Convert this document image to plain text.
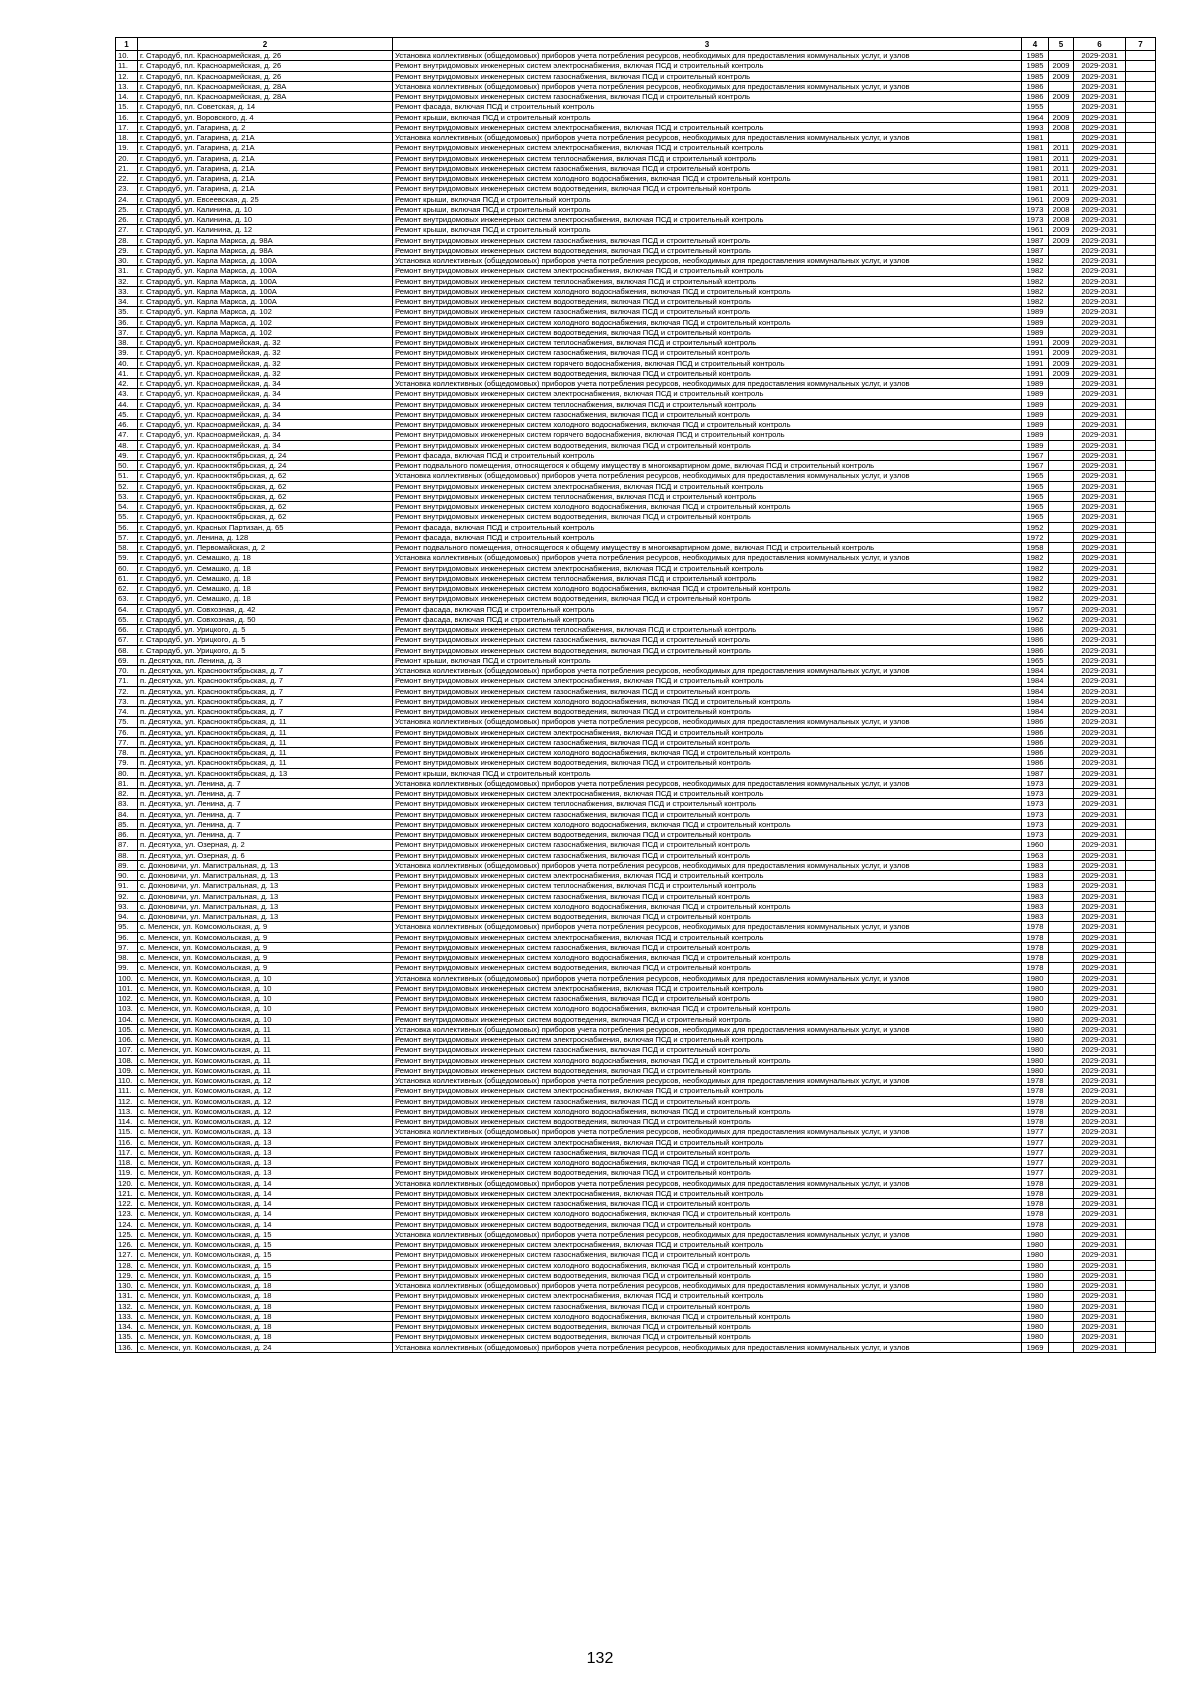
1	2	3	4	5	6	7
10.	г. Стародуб, пл. Красноармейская, д. 26	Установка коллективных (общедомовых) приборов учета потребления ресурсов, необходимых для предоставления коммунальных услуг, и узлов	1985		2029-2031	
11.	г. Стародуб, пл. Красноармейская, д. 26	Ремонт внутридомовых инженерных систем электроснабжения, включая ПСД и строительный контроль	1985	2009	2029-2031	
12.	г. Стародуб, пл. Красноармейская, д. 26	Ремонт внутридомовых инженерных систем газоснабжения, включая ПСД и строительный контроль	1985	2009	2029-2031	
13.	г. Стародуб, пл. Красноармейская, д. 28А	Установка коллективных (общедомовых) приборов учета потребления ресурсов, необходимых для предоставления коммунальных услуг, и узлов	1986		2029-2031	
14.	г. Стародуб, пл. Красноармейская, д. 28А	Ремонт внутридомовых инженерных систем газоснабжения, включая ПСД и строительный контроль	1986	2009	2029-2031	
15.	г. Стародуб, пл. Советская, д. 14	Ремонт фасада, включая ПСД и строительный контроль	1955		2029-2031	
16.	г. Стародуб, ул. Воровского, д. 4	Ремонт крыши, включая ПСД и строительный контроль	1964	2009	2029-2031	
17.	г. Стародуб, ул. Гагарина, д. 2	Ремонт внутридомовых инженерных систем электроснабжения, включая ПСД и строительный контроль	1993	2008	2029-2031	
18.	г. Стародуб, ул. Гагарина, д. 21А	Установка коллективных (общедомовых) приборов учета потребления ресурсов, необходимых для предоставления коммунальных услуг, и узлов	1981		2029-2031	
19.	г. Стародуб, ул. Гагарина, д. 21А	Ремонт внутридомовых инженерных систем электроснабжения, включая ПСД и строительный контроль	1981	2011	2029-2031	
20.	г. Стародуб, ул. Гагарина, д. 21А	Ремонт внутридомовых инженерных систем теплоснабжения, включая ПСД и строительный контроль	1981	2011	2029-2031	
21.	г. Стародуб, ул. Гагарина, д. 21А	Ремонт внутридомовых инженерных систем газоснабжения, включая ПСД и строительный контроль	1981	2011	2029-2031	
22.	г. Стародуб, ул. Гагарина, д. 21А	Ремонт внутридомовых инженерных систем холодного водоснабжения, включая ПСД и строительный контроль	1981	2011	2029-2031	
23.	г. Стародуб, ул. Гагарина, д. 21А	Ремонт внутридомовых инженерных систем водоотведения, включая ПСД и строительный контроль	1981	2011	2029-2031	
24.	г. Стародуб, ул. Евсеевская, д. 25	Ремонт крыши, включая ПСД и строительный контроль	1961	2009	2029-2031	
25.	г. Стародуб, ул. Калинина, д. 10	Ремонт крыши, включая ПСД и строительный контроль	1973	2008	2029-2031	
26.	г. Стародуб, ул. Калинина, д. 10	Ремонт внутридомовых инженерных систем электроснабжения, включая ПСД и строительный контроль	1973	2008	2029-2031	
27.	г. Стародуб, ул. Калинина, д. 12	Ремонт крыши, включая ПСД и строительный контроль	1961	2009	2029-2031	
28.	г. Стародуб, ул. Карла Маркса, д. 98А	Ремонт внутридомовых инженерных систем газоснабжения, включая ПСД и строительный контроль	1987	2009	2029-2031	
29.	г. Стародуб, ул. Карла Маркса, д. 98А	Ремонт внутридомовых инженерных систем водоотведения, включая ПСД и строительный контроль	1987		2029-2031	
30.	г. Стародуб, ул. Карла Маркса, д. 100А	Установка коллективных (общедомовых) приборов учета потребления ресурсов, необходимых для предоставления коммунальных услуг, и узлов	1982		2029-2031	
31.	г. Стародуб, ул. Карла Маркса, д. 100А	Ремонт внутридомовых инженерных систем электроснабжения, включая ПСД и строительный контроль	1982		2029-2031	
32.	г. Стародуб, ул. Карла Маркса, д. 100А	Ремонт внутридомовых инженерных систем теплоснабжения, включая ПСД и строительный контроль	1982		2029-2031	
33.	г. Стародуб, ул. Карла Маркса, д. 100А	Ремонт внутридомовых инженерных систем холодного водоснабжения, включая ПСД и строительный контроль	1982		2029-2031	
34.	г. Стародуб, ул. Карла Маркса, д. 100А	Ремонт внутридомовых инженерных систем водоотведения, включая ПСД и строительный контроль	1982		2029-2031	
35.	г. Стародуб, ул. Карла Маркса, д. 102	Ремонт внутридомовых инженерных систем газоснабжения, включая ПСД и строительный контроль	1989		2029-2031	
36.	г. Стародуб, ул. Карла Маркса, д. 102	Ремонт внутридомовых инженерных систем холодного водоснабжения, включая ПСД и строительный контроль	1989		2029-2031	
37.	г. Стародуб, ул. Карла Маркса, д. 102	Ремонт внутридомовых инженерных систем водоотведения, включая ПСД и строительный контроль	1989		2029-2031	
38.	г. Стародуб, ул. Красноармейская, д. 32	Ремонт внутридомовых инженерных систем теплоснабжения, включая ПСД и строительный контроль	1991	2009	2029-2031	
39.	г. Стародуб, ул. Красноармейская, д. 32	Ремонт внутридомовых инженерных систем газоснабжения, включая ПСД и строительный контроль	1991	2009	2029-2031	
40.	г. Стародуб, ул. Красноармейская, д. 32	Ремонт внутридомовых инженерных систем горячего водоснабжения, включая ПСД и строительный контроль	1991	2009	2029-2031	
41.	г. Стародуб, ул. Красноармейская, д. 32	Ремонт внутридомовых инженерных систем водоотведения, включая ПСД и строительный контроль	1991	2009	2029-2031	
42.	г. Стародуб, ул. Красноармейская, д. 34	Установка коллективных (общедомовых) приборов учета потребления ресурсов, необходимых для предоставления коммунальных услуг, и узлов	1989		2029-2031	
43.	г. Стародуб, ул. Красноармейская, д. 34	Ремонт внутридомовых инженерных систем электроснабжения, включая ПСД и строительный контроль	1989		2029-2031	
44.	г. Стародуб, ул. Красноармейская, д. 34	Ремонт внутридомовых инженерных систем теплоснабжения, включая ПСД и строительный контроль	1989		2029-2031	
45.	г. Стародуб, ул. Красноармейская, д. 34	Ремонт внутридомовых инженерных систем газоснабжения, включая ПСД и строительный контроль	1989		2029-2031	
46.	г. Стародуб, ул. Красноармейская, д. 34	Ремонт внутридомовых инженерных систем холодного водоснабжения, включая ПСД и строительный контроль	1989		2029-2031	
47.	г. Стародуб, ул. Красноармейская, д. 34	Ремонт внутридомовых инженерных систем горячего водоснабжения, включая ПСД и строительный контроль	1989		2029-2031	
48.	г. Стародуб, ул. Красноармейская, д. 34	Ремонт внутридомовых инженерных систем водоотведения, включая ПСД и строительный контроль	1989		2029-2031	
49.	г. Стародуб, ул. Краснооктябрьская, д. 24	Ремонт фасада, включая ПСД и строительный контроль	1967		2029-2031	
50.	г. Стародуб, ул. Краснооктябрьская, д. 24	Ремонт подвального помещения, относящегося к общему имуществу в многоквартирном доме, включая ПСД и строительный контроль	1967		2029-2031	
51.	г. Стародуб, ул. Краснооктябрьская, д. 62	Установка коллективных (общедомовых) приборов учета потребления ресурсов, необходимых для предоставления коммунальных услуг, и узлов	1965		2029-2031	
52.	г. Стародуб, ул. Краснооктябрьская, д. 62	Ремонт внутридомовых инженерных систем электроснабжения, включая ПСД и строительный контроль	1965		2029-2031	
53.	г. Стародуб, ул. Краснооктябрьская, д. 62	Ремонт внутридомовых инженерных систем теплоснабжения, включая ПСД и строительный контроль	1965		2029-2031	
54.	г. Стародуб, ул. Краснооктябрьская, д. 62	Ремонт внутридомовых инженерных систем холодного водоснабжения, включая ПСД и строительный контроль	1965		2029-2031	
55.	г. Стародуб, ул. Краснооктябрьская, д. 62	Ремонт внутридомовых инженерных систем водоотведения, включая ПСД и строительный контроль	1965		2029-2031	
56.	г. Стародуб, ул. Красных Партизан, д. 65	Ремонт фасада, включая ПСД и строительный контроль	1952		2029-2031	
57.	г. Стародуб, ул. Ленина, д. 128	Ремонт фасада, включая ПСД и строительный контроль	1972		2029-2031	
58.	г. Стародуб, ул. Первомайская, д. 2	Ремонт подвального помещения, относящегося к общему имуществу в многоквартирном доме, включая ПСД и строительный контроль	1958		2029-2031	
59.	г. Стародуб, ул. Семашко, д. 18	Установка коллективных (общедомовых) приборов учета потребления ресурсов, необходимых для предоставления коммунальных услуг, и узлов	1982		2029-2031	
60.	г. Стародуб, ул. Семашко, д. 18	Ремонт внутридомовых инженерных систем электроснабжения, включая ПСД и строительный контроль	1982		2029-2031	
61.	г. Стародуб, ул. Семашко, д. 18	Ремонт внутридомовых инженерных систем теплоснабжения, включая ПСД и строительный контроль	1982		2029-2031	
62.	г. Стародуб, ул. Семашко, д. 18	Ремонт внутридомовых инженерных систем холодного водоснабжения, включая ПСД и строительный контроль	1982		2029-2031	
63.	г. Стародуб, ул. Семашко, д. 18	Ремонт внутридомовых инженерных систем водоотведения, включая ПСД и строительный контроль	1982		2029-2031	
64.	г. Стародуб, ул. Совхозная, д. 42	Ремонт фасада, включая ПСД и строительный контроль	1957		2029-2031	
65.	г. Стародуб, ул. Совхозная, д. 50	Ремонт фасада, включая ПСД и строительный контроль	1962		2029-2031	
66.	г. Стародуб, ул. Урицкого, д. 5	Ремонт внутридомовых инженерных систем теплоснабжения, включая ПСД и строительный контроль	1986		2029-2031	
67.	г. Стародуб, ул. Урицкого, д. 5	Ремонт внутридомовых инженерных систем газоснабжения, включая ПСД и строительный контроль	1986		2029-2031	
68.	г. Стародуб, ул. Урицкого, д. 5	Ремонт внутридомовых инженерных систем водоотведения, включая ПСД и строительный контроль	1986		2029-2031	
69.	п. Десятуха, пл. Ленина, д. 3	Ремонт крыши, включая ПСД и строительный контроль	1965		2029-2031	
70.	п. Десятуха, ул. Краснооктябрьская, д. 7	Установка коллективных (общедомовых) приборов учета потребления ресурсов, необходимых для предоставления коммунальных услуг, и узлов	1984		2029-2031	
71.	п. Десятуха, ул. Краснооктябрьская, д. 7	Ремонт внутридомовых инженерных систем электроснабжения, включая ПСД и строительный контроль	1984		2029-2031	
72.	п. Десятуха, ул. Краснооктябрьская, д. 7	Ремонт внутридомовых инженерных систем газоснабжения, включая ПСД и строительный контроль	1984		2029-2031	
73.	п. Десятуха, ул. Краснооктябрьская, д. 7	Ремонт внутридомовых инженерных систем холодного водоснабжения, включая ПСД и строительный контроль	1984		2029-2031	
74.	п. Десятуха, ул. Краснооктябрьская, д. 7	Ремонт внутридомовых инженерных систем водоотведения, включая ПСД и строительный контроль	1984		2029-2031	
75.	п. Десятуха, ул. Краснооктябрьская, д. 11	Установка коллективных (общедомовых) приборов учета потребления ресурсов, необходимых для предоставления коммунальных услуг, и узлов	1986		2029-2031	
76.	п. Десятуха, ул. Краснооктябрьская, д. 11	Ремонт внутридомовых инженерных систем электроснабжения, включая ПСД и строительный контроль	1986		2029-2031	
77.	п. Десятуха, ул. Краснооктябрьская, д. 11	Ремонт внутридомовых инженерных систем газоснабжения, включая ПСД и строительный контроль	1986		2029-2031	
78.	п. Десятуха, ул. Краснооктябрьская, д. 11	Ремонт внутридомовых инженерных систем холодного водоснабжения, включая ПСД и строительный контроль	1986		2029-2031	
79.	п. Десятуха, ул. Краснооктябрьская, д. 11	Ремонт внутридомовых инженерных систем водоотведения, включая ПСД и строительный контроль	1986		2029-2031	
80.	п. Десятуха, ул. Краснооктябрьская, д. 13	Ремонт крыши, включая ПСД и строительный контроль	1987		2029-2031	
81.	п. Десятуха, ул. Ленина, д. 7	Установка коллективных (общедомовых) приборов учета потребления ресурсов, необходимых для предоставления коммунальных услуг, и узлов	1973		2029-2031	
82.	п. Десятуха, ул. Ленина, д. 7	Ремонт внутридомовых инженерных систем электроснабжения, включая ПСД и строительный контроль	1973		2029-2031	
83.	п. Десятуха, ул. Ленина, д. 7	Ремонт внутридомовых инженерных систем теплоснабжения, включая ПСД и строительный контроль	1973		2029-2031	
84.	п. Десятуха, ул. Ленина, д. 7	Ремонт внутридомовых инженерных систем газоснабжения, включая ПСД и строительный контроль	1973		2029-2031	
85.	п. Десятуха, ул. Ленина, д. 7	Ремонт внутридомовых инженерных систем холодного водоснабжения, включая ПСД и строительный контроль	1973		2029-2031	
86.	п. Десятуха, ул. Ленина, д. 7	Ремонт внутридомовых инженерных систем водоотведения, включая ПСД и строительный контроль	1973		2029-2031	
87.	п. Десятуха, ул. Озерная, д. 2	Ремонт внутридомовых инженерных систем газоснабжения, включая ПСД и строительный контроль	1960		2029-2031	
88.	п. Десятуха, ул. Озерная, д. 6	Ремонт внутридомовых инженерных систем газоснабжения, включая ПСД и строительный контроль	1963		2029-2031	
89.	с. Дохновичи, ул. Магистральная, д. 13	Установка коллективных (общедомовых) приборов учета потребления ресурсов, необходимых для предоставления коммунальных услуг, и узлов	1983		2029-2031	
90.	с. Дохновичи, ул. Магистральная, д. 13	Ремонт внутридомовых инженерных систем электроснабжения, включая ПСД и строительный контроль	1983		2029-2031	
91.	с. Дохновичи, ул. Магистральная, д. 13	Ремонт внутридомовых инженерных систем теплоснабжения, включая ПСД и строительный контроль	1983		2029-2031	
92.	с. Дохновичи, ул. Магистральная, д. 13	Ремонт внутридомовых инженерных систем газоснабжения, включая ПСД и строительный контроль	1983		2029-2031	
93.	с. Дохновичи, ул. Магистральная, д. 13	Ремонт внутридомовых инженерных систем холодного водоснабжения, включая ПСД и строительный контроль	1983		2029-2031	
94.	с. Дохновичи, ул. Магистральная, д. 13	Ремонт внутридомовых инженерных систем водоотведения, включая ПСД и строительный контроль	1983		2029-2031	
95.	с. Меленск, ул. Комсомольская, д. 9	Установка коллективных (общедомовых) приборов учета потребления ресурсов, необходимых для предоставления коммунальных услуг, и узлов	1978		2029-2031	
96.	с. Меленск, ул. Комсомольская, д. 9	Ремонт внутридомовых инженерных систем электроснабжения, включая ПСД и строительный контроль	1978		2029-2031	
97.	с. Меленск, ул. Комсомольская, д. 9	Ремонт внутридомовых инженерных систем газоснабжения, включая ПСД и строительный контроль	1978		2029-2031	
98.	с. Меленск, ул. Комсомольская, д. 9	Ремонт внутридомовых инженерных систем холодного водоснабжения, включая ПСД и строительный контроль	1978		2029-2031	
99.	с. Меленск, ул. Комсомольская, д. 9	Ремонт внутридомовых инженерных систем водоотведения, включая ПСД и строительный контроль	1978		2029-2031	
100.	с. Меленск, ул. Комсомольская, д. 10	Установка коллективных (общедомовых) приборов учета потребления ресурсов, необходимых для предоставления коммунальных услуг, и узлов	1980		2029-2031	
101.	с. Меленск, ул. Комсомольская, д. 10	Ремонт внутридомовых инженерных систем электроснабжения, включая ПСД и строительный контроль	1980		2029-2031	
102.	с. Меленск, ул. Комсомольская, д. 10	Ремонт внутридомовых инженерных систем газоснабжения, включая ПСД и строительный контроль	1980		2029-2031	
103.	с. Меленск, ул. Комсомольская, д. 10	Ремонт внутридомовых инженерных систем холодного водоснабжения, включая ПСД и строительный контроль	1980		2029-2031	
104.	с. Меленск, ул. Комсомольская, д. 10	Ремонт внутридомовых инженерных систем водоотведения, включая ПСД и строительный контроль	1980		2029-2031	
105.	с. Меленск, ул. Комсомольская, д. 11	Установка коллективных (общедомовых) приборов учета потребления ресурсов, необходимых для предоставления коммунальных услуг, и узлов	1980		2029-2031	
106.	с. Меленск, ул. Комсомольская, д. 11	Ремонт внутридомовых инженерных систем электроснабжения, включая ПСД и строительный контроль	1980		2029-2031	
107.	с. Меленск, ул. Комсомольская, д. 11	Ремонт внутридомовых инженерных систем газоснабжения, включая ПСД и строительный контроль	1980		2029-2031	
108.	с. Меленск, ул. Комсомольская, д. 11	Ремонт внутридомовых инженерных систем холодного водоснабжения, включая ПСД и строительный контроль	1980		2029-2031	
109.	с. Меленск, ул. Комсомольская, д. 11	Ремонт внутридомовых инженерных систем водоотведения, включая ПСД и строительный контроль	1980		2029-2031	
110.	с. Меленск, ул. Комсомольская, д. 12	Установка коллективных (общедомовых) приборов учета потребления ресурсов, необходимых для предоставления коммунальных услуг, и узлов	1978		2029-2031	
111.	с. Меленск, ул. Комсомольская, д. 12	Ремонт внутридомовых инженерных систем электроснабжения, включая ПСД и строительный контроль	1978		2029-2031	
112.	с. Меленск, ул. Комсомольская, д. 12	Ремонт внутридомовых инженерных систем газоснабжения, включая ПСД и строительный контроль	1978		2029-2031	
113.	с. Меленск, ул. Комсомольская, д. 12	Ремонт внутридомовых инженерных систем холодного водоснабжения, включая ПСД и строительный контроль	1978		2029-2031	
114.	с. Меленск, ул. Комсомольская, д. 12	Ремонт внутридомовых инженерных систем водоотведения, включая ПСД и строительный контроль	1978		2029-2031	
115.	с. Меленск, ул. Комсомольская, д. 13	Установка коллективных (общедомовых) приборов учета потребления ресурсов, необходимых для предоставления коммунальных услуг, и узлов	1977		2029-2031	
116.	с. Меленск, ул. Комсомольская, д. 13	Ремонт внутридомовых инженерных систем электроснабжения, включая ПСД и строительный контроль	1977		2029-2031	
117.	с. Меленск, ул. Комсомольская, д. 13	Ремонт внутридомовых инженерных систем газоснабжения, включая ПСД и строительный контроль	1977		2029-2031	
118.	с. Меленск, ул. Комсомольская, д. 13	Ремонт внутридомовых инженерных систем холодного водоснабжения, включая ПСД и строительный контроль	1977		2029-2031	
119.	с. Меленск, ул. Комсомольская, д. 13	Ремонт внутридомовых инженерных систем водоотведения, включая ПСД и строительный контроль	1977		2029-2031	
120.	с. Меленск, ул. Комсомольская, д. 14	Установка коллективных (общедомовых) приборов учета потребления ресурсов, необходимых для предоставления коммунальных услуг, и узлов	1978		2029-2031	
121.	с. Меленск, ул. Комсомольская, д. 14	Ремонт внутридомовых инженерных систем электроснабжения, включая ПСД и строительный контроль	1978		2029-2031	
122.	с. Меленск, ул. Комсомольская, д. 14	Ремонт внутридомовых инженерных систем газоснабжения, включая ПСД и строительный контроль	1978		2029-2031	
123.	с. Меленск, ул. Комсомольская, д. 14	Ремонт внутридомовых инженерных систем холодного водоснабжения, включая ПСД и строительный контроль	1978		2029-2031	
124.	с. Меленск, ул. Комсомольская, д. 14	Ремонт внутридомовых инженерных систем водоотведения, включая ПСД и строительный контроль	1978		2029-2031	
125.	с. Меленск, ул. Комсомольская, д. 15	Установка коллективных (общедомовых) приборов учета потребления ресурсов, необходимых для предоставления коммунальных услуг, и узлов	1980		2029-2031	
126.	с. Меленск, ул. Комсомольская, д. 15	Ремонт внутридомовых инженерных систем электроснабжения, включая ПСД и строительный контроль	1980		2029-2031	
127.	с. Меленск, ул. Комсомольская, д. 15	Ремонт внутридомовых инженерных систем газоснабжения, включая ПСД и строительный контроль	1980		2029-2031	
128.	с. Меленск, ул. Комсомольская, д. 15	Ремонт внутридомовых инженерных систем холодного водоснабжения, включая ПСД и строительный контроль	1980		2029-2031	
129.	с. Меленск, ул. Комсомольская, д. 15	Ремонт внутридомовых инженерных систем водоотведения, включая ПСД и строительный контроль	1980		2029-2031	
130.	с. Меленск, ул. Комсомольская, д. 18	Установка коллективных (общедомовых) приборов учета потребления ресурсов, необходимых для предоставления коммунальных услуг, и узлов	1980		2029-2031	
131.	с. Меленск, ул. Комсомольская, д. 18	Ремонт внутридомовых инженерных систем электроснабжения, включая ПСД и строительный контроль	1980		2029-2031	
132.	с. Меленск, ул. Комсомольская, д. 18	Ремонт внутридомовых инженерных систем газоснабжения, включая ПСД и строительный контроль	1980		2029-2031	
133.	с. Меленск, ул. Комсомольская, д. 18	Ремонт внутридомовых инженерных систем холодного водоснабжения, включая ПСД и строительный контроль	1980		2029-2031	
134.	с. Меленск, ул. Комсомольская, д. 18	Ремонт внутридомовых инженерных систем водоотведения, включая ПСД и строительный контроль	1980		2029-2031	
135.	с. Меленск, ул. Комсомольская, д. 18	Ремонт внутридомовых инженерных систем водоотведения, включая ПСД и строительный контроль	1980		2029-2031	
136.	с. Меленск, ул. Комсомольская, д. 24	Установка коллективных (общедомовых) приборов учета потребления ресурсов, необходимых для предоставления коммунальных услуг, и узлов	1969		2029-2031	
132
